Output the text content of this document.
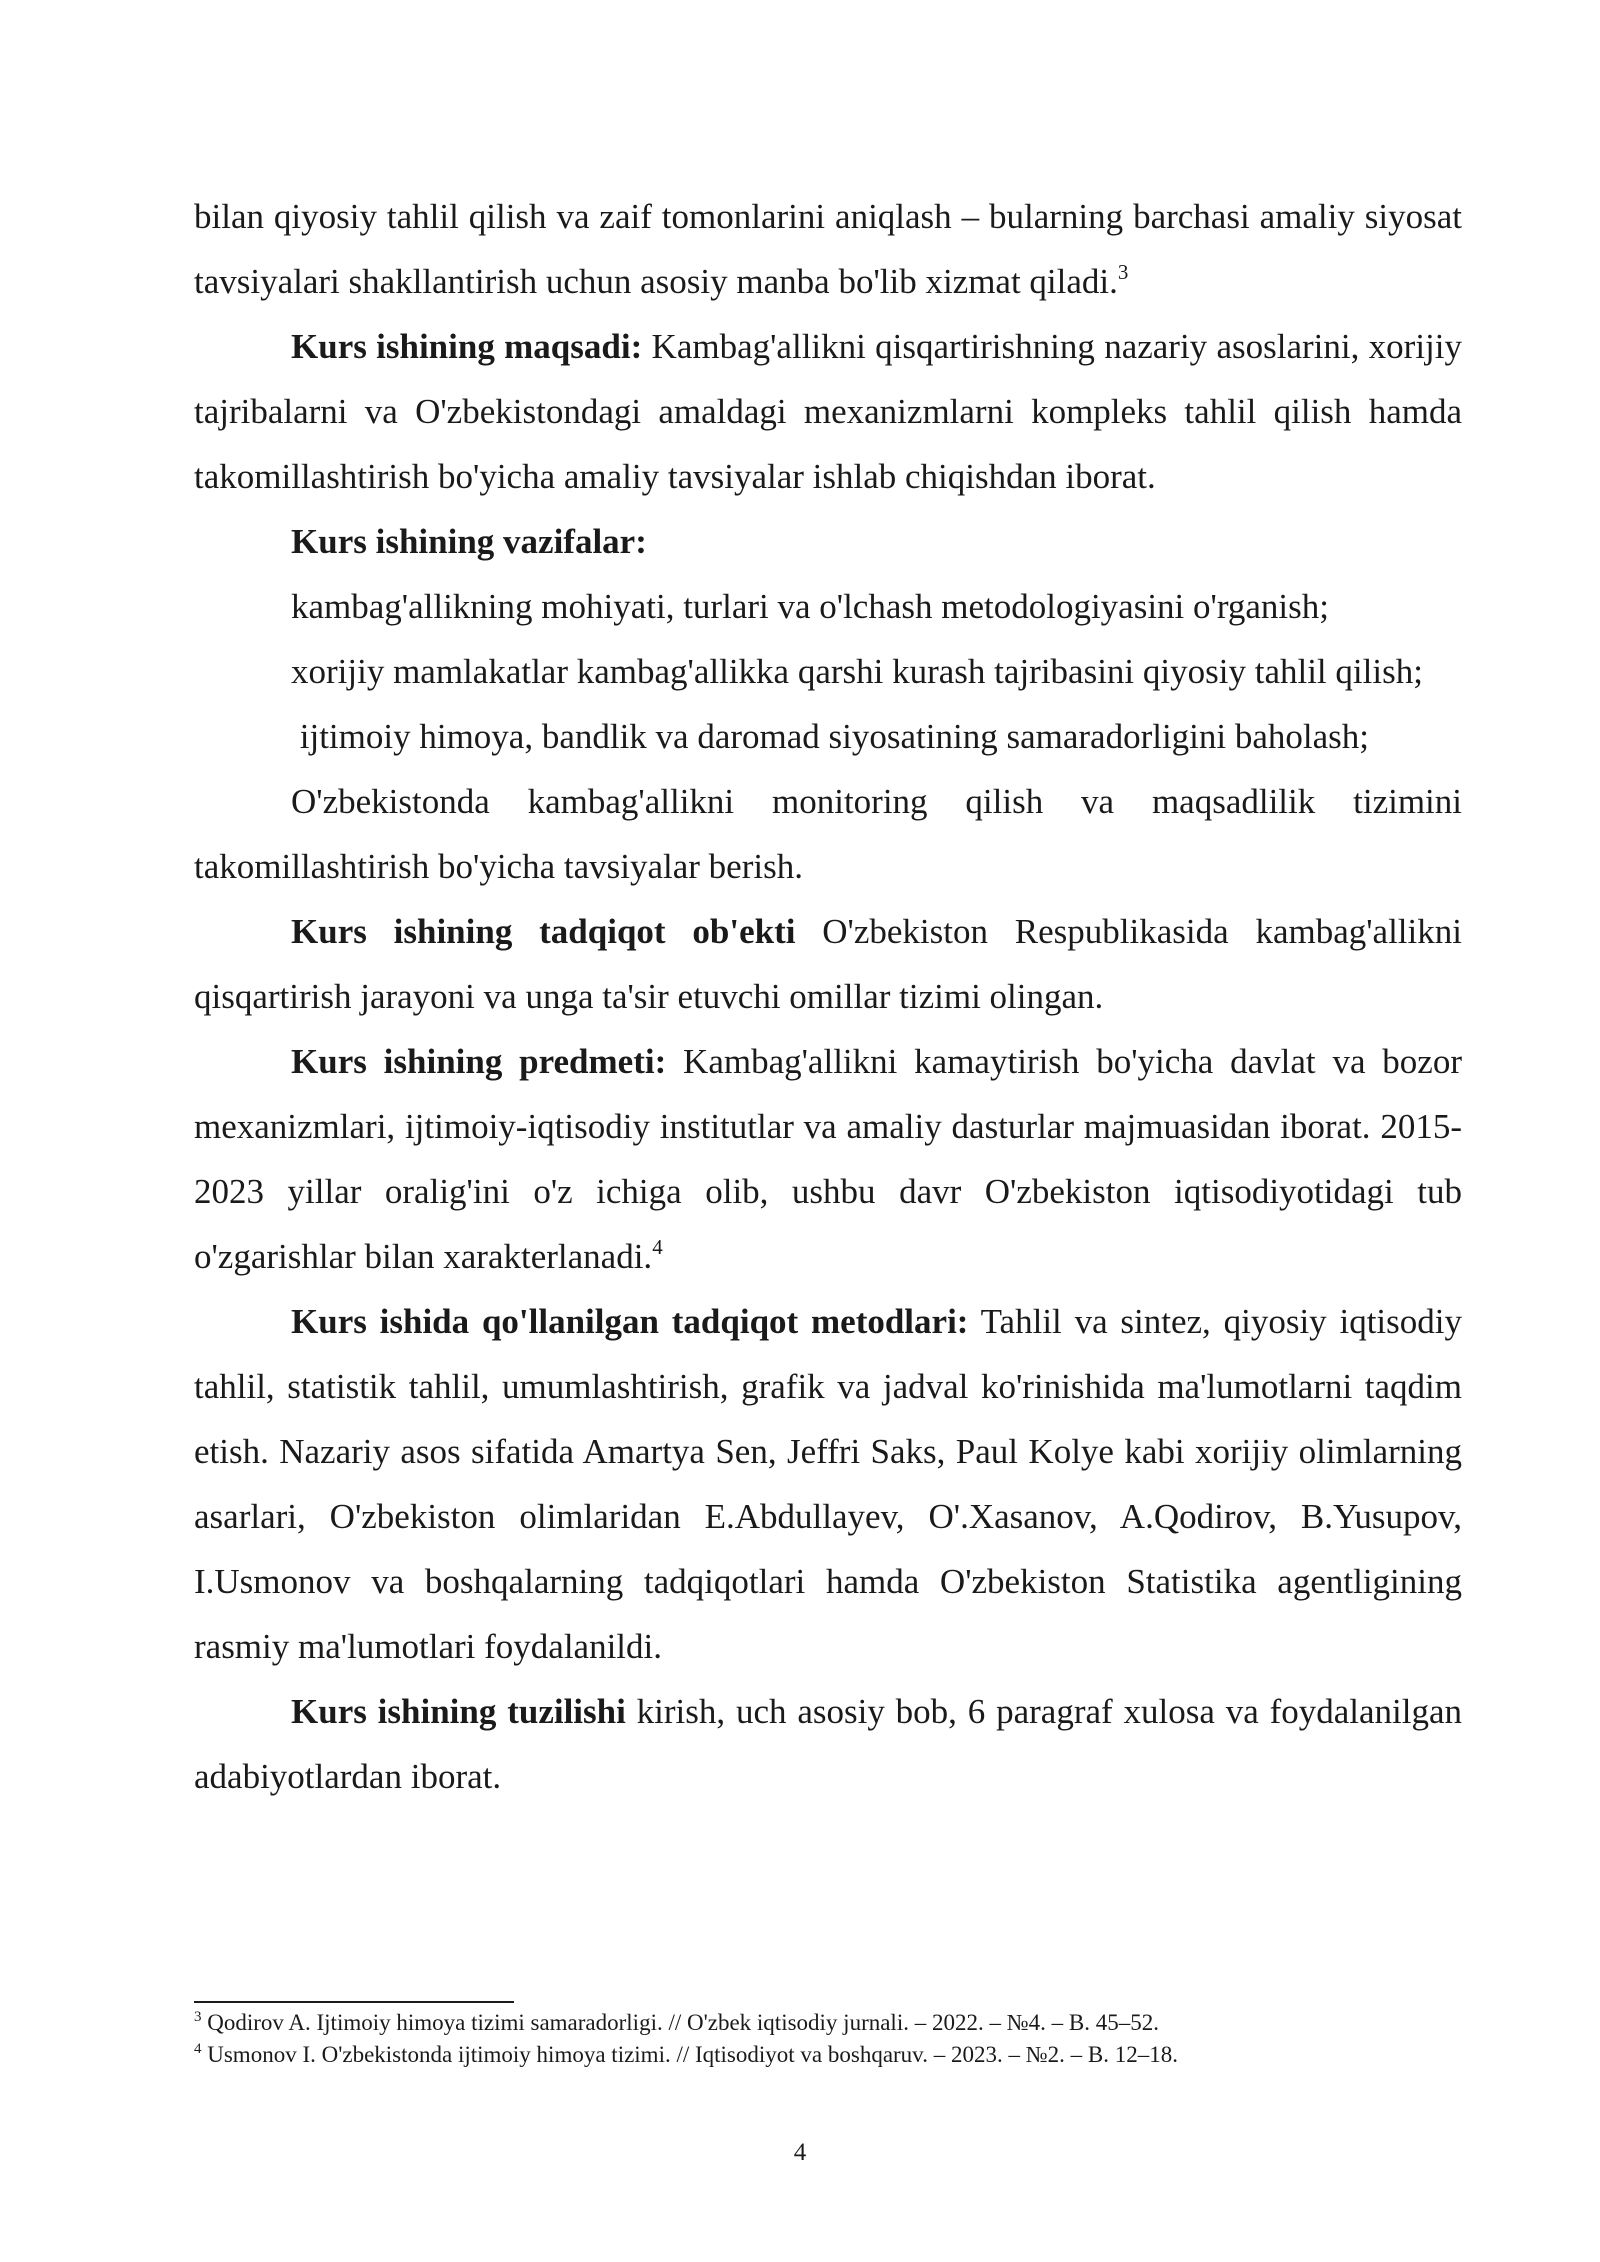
bilan qiyosiy tahlil qilish va zaif tomonlarini aniqlash – bularning barchasi amaliy siyosat tavsiyalari shakllantirish uchun asosiy manba bo'lib xizmat qiladi.$^3$

Kurs ishining maqsadi: Kambag'allikni qisqartirishning nazariy asoslarini, xorijiy tajribalarni va O'zbekistondagi amaldagi mexanizmlarni kompleks tahlil qilish hamda takomillashtirish bo'yicha amaliy tavsiyalar ishlab chiqishdan iborat.

Kurs ishining vazifalar:

kambag'allikning mohiyati, turlari va o'lchash metodologiyasini o'rganish;

xorijiy mamlakatlar kambag'allikka qarshi kurash tajribasini qiyosiy tahlil qilish;

ijtimoiy himoya, bandlik va daromad siyosatining samaradorligini baholash;

O'zbekistonda kambag'allikni monitoring qilish va maqsadlilik tizimini takomillashtirish bo'yicha tavsiyalar berish.

Kurs ishining tadqiqot ob'ekti O'zbekiston Respublikasida kambag'allikni qisqartirish jarayoni va unga ta'sir etuvchi omillar tizimi olingan.

Kurs ishining predmeti: Kambag'allikni kamaytirish bo'yicha davlat va bozor mexanizmlari, ijtimoiy-iqtisodiy institutlar va amaliy dasturlar majmuasidan iborat. 2015-2023 yillar oralig'ini o'z ichiga olib, ushbu davr O'zbekiston iqtisodiyotidagi tub o'zgarishlar bilan xarakterlanadi.$^4$

Kurs ishida qo'llanilgan tadqiqot metodlari: Tahlil va sintez, qiyosiy iqtisodiy tahlil, statistik tahlil, umumlashtirish, grafik va jadval ko'rinishida ma'lumotlarni taqdim etish. Nazariy asos sifatida Amartya Sen, Jeffri Saks, Paul Kolye kabi xorijiy olimlarning asarlari, O'zbekiston olimlaridan E.Abdullayev, O'.Xasanov, A.Qodirov, B.Yusupov, I.Usmonov va boshqalarning tadqiqotlari hamda O'zbekiston Statistika agentligining rasmiy ma'lumotlari foydalanildi.

Kurs ishining tuzilishi kirish, uch asosiy bob, 6 paragraf xulosa va foydalanilgan adabiyotlardan iborat.

$^3$ Qodirov A. Ijtimoiy himoya tizimi samaradorligi. // O'zbek iqtisodiy jurnali. – 2022. – №4. – B. 45–52.

$^4$ Usmonov I. O'zbekistonda ijtimoiy himoya tizimi. // Iqtisodiyot va boshqaruv. – 2023. – №2. – B. 12–18.

4
